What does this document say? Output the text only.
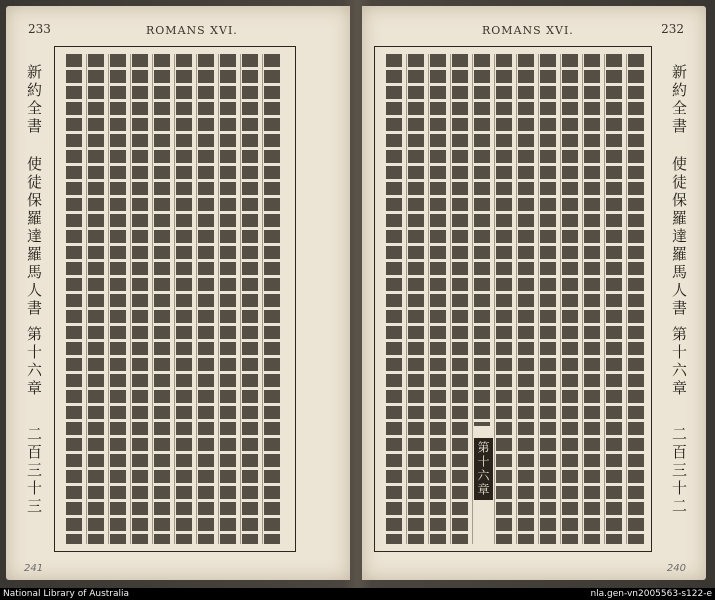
233	ROMANS XVI.
新約全書
使徒保羅達羅馬人書 第十六章
二百三十三
241
ROMANS XVI.	232
第十六章
新約全書
使徒保羅達羅馬人書 第十六章
二百三十二
240
National Library of Australia	nla.gen-vn2005563-s122-e
